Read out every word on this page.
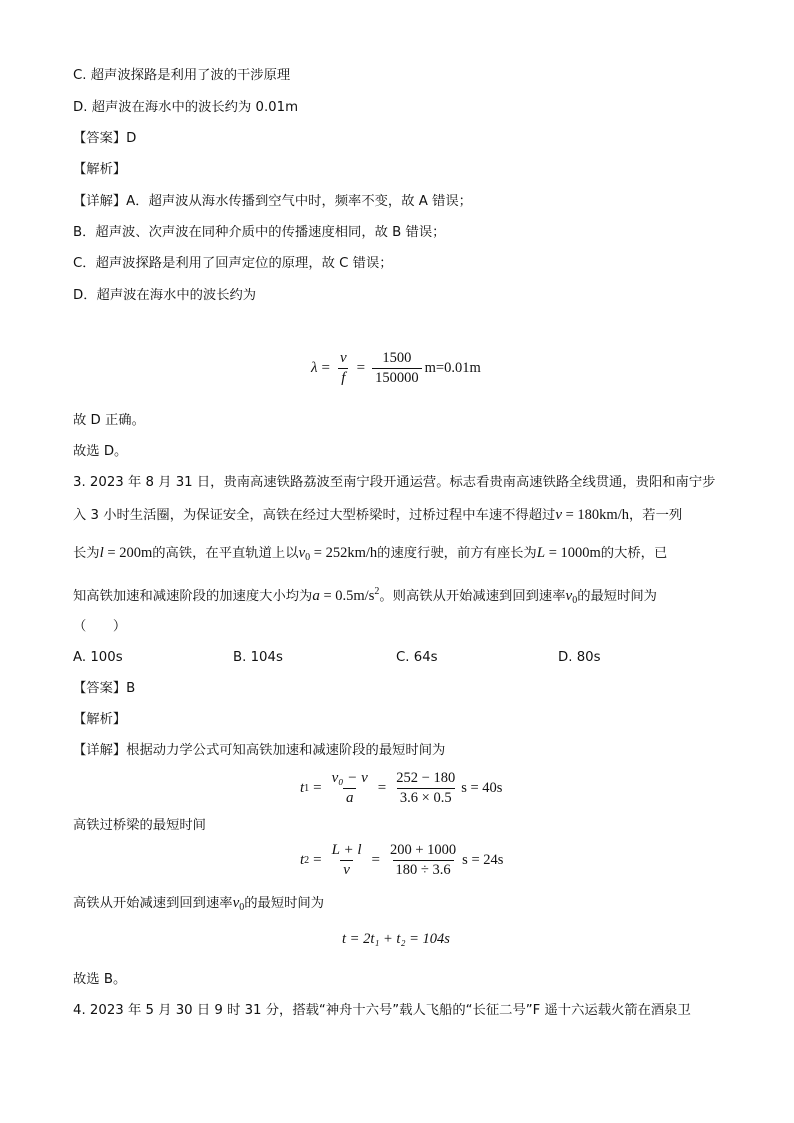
C. 超声波探路是利用了波的干涉原理
D. 超声波在海水中的波长约为 0.01m
【答案】D
【解析】
【详解】A．超声波从海水传播到空气中时，频率不变，故 A 错误；
B．超声波、次声波在同种介质中的传播速度相同，故 B 错误；
C．超声波探路是利用了回声定位的原理，故 C 错误；
D．超声波在海水中的波长约为
$\lambda = \frac{v}{f} = \frac{1500}{150000} m=0.01m$
故 D 正确。
故选 D。
3. 2023 年 8 月 31 日，贵南高速铁路荔波至南宁段开通运营。标志看贵南高速铁路全线贯通，贵阳和南宁步
入 3 小时生活圈，为保证安全，高铁在经过大型桥梁时，过桥过程中车速不得超过v = 180km/h，若一列
长为l = 200m的高铁，在平直轨道上以$v_0 = 252km/h$的速度行驶，前方有座长为L = 1000m的大桥，已
知高铁加速和减速阶段的加速度大小均为$a = 0.5m/s^2$。则高铁从开始减速到回到速率$v_0$的最短时间为
（　　）
A. 100s	B. 104s	C. 64s	D. 80s
【答案】B
【解析】
【详解】根据动力学公式可知高铁加速和减速阶段的最短时间为
t $1 = \frac{\text{v₀ − v}}{a} = \frac{252 - 180}{3.6 \times 0.5}$ s = 40s
高铁过桥梁的最短时间
t $2 = \frac{L + l}{v} = \frac{200 + 1000}{180 \div 3.6}$ s = 24s
高铁从开始减速到回到速率$v_0$的最短时间为
t = 2t₁ + t₂ = 104s
故选 B。
4. 2023 年 5 月 30 日 9 时 31 分，搭载“神舟十六号”载人飞船的“长征二号”F 遥十六运载火箭在酒泉卫
